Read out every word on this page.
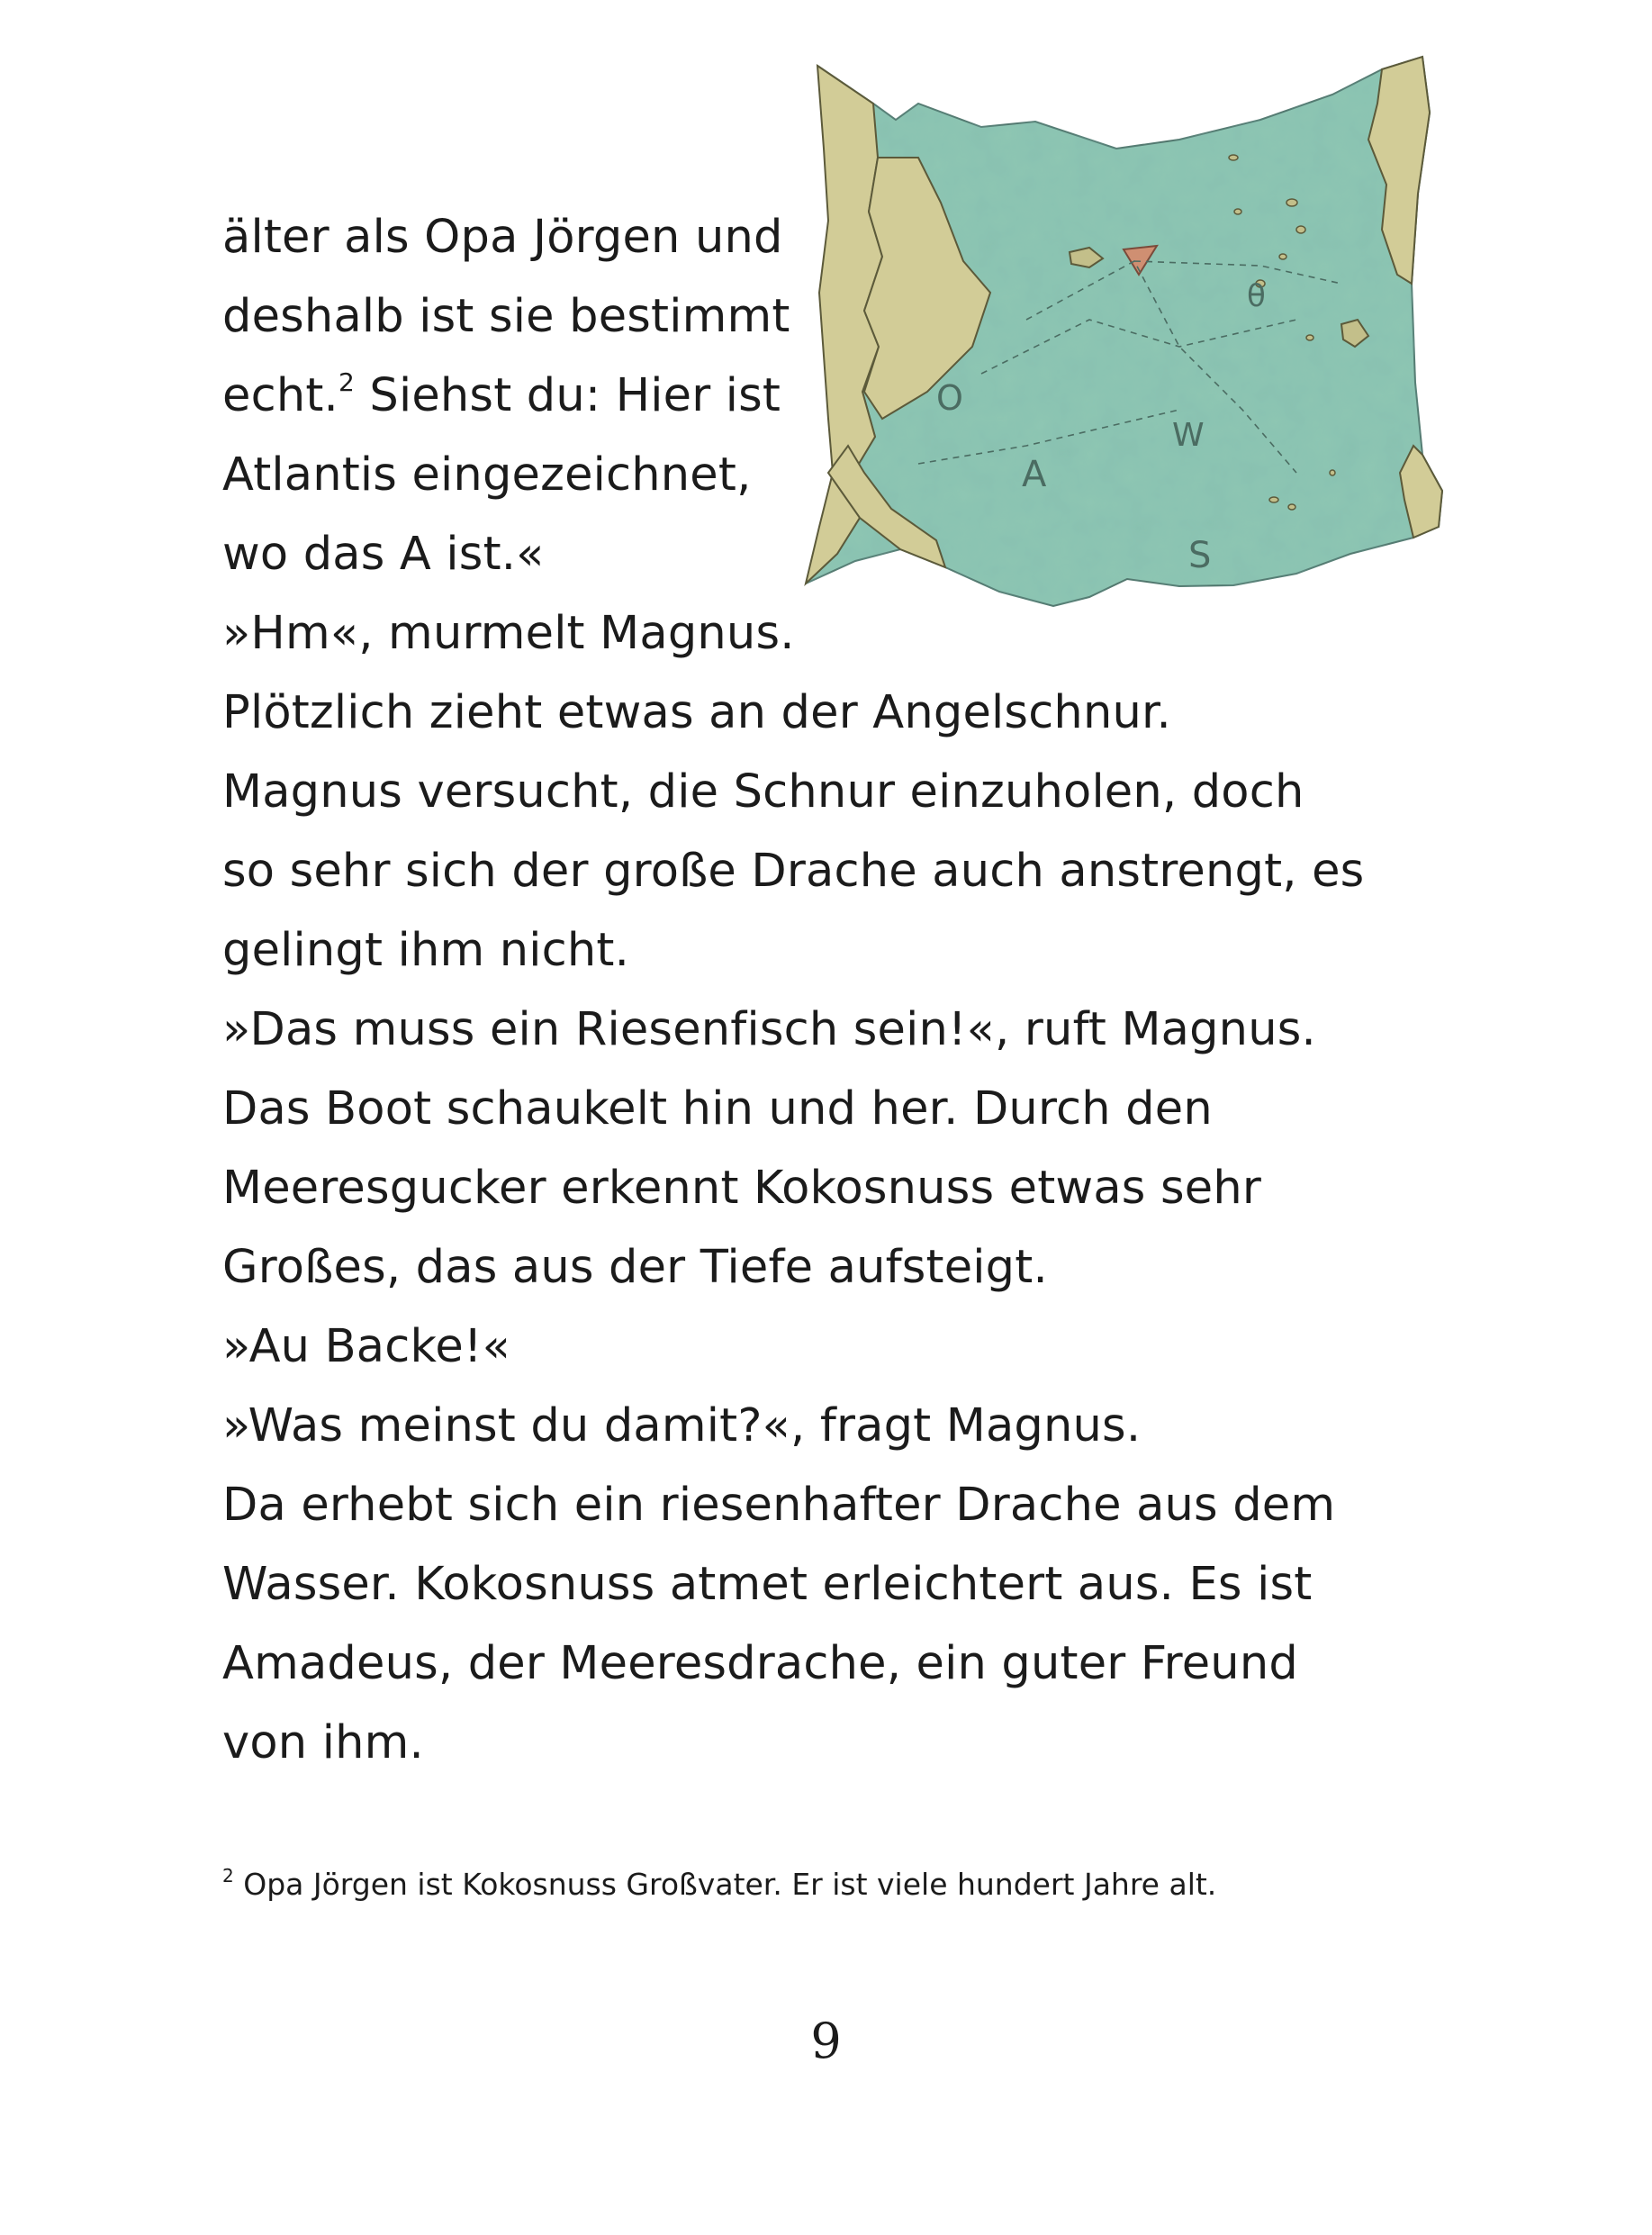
O
A
W
S
θ
älter als Opa Jörgen und
deshalb ist sie bestimmt
echt.$^2$ Siehst du: Hier ist
Atlantis eingezeichnet,
wo das A ist.«
»Hm«, murmelt Magnus.
Plötzlich zieht etwas an der Angelschnur.
Magnus versucht, die Schnur einzuholen, doch
so sehr sich der große Drache auch anstrengt, es
gelingt ihm nicht.
»Das muss ein Riesenfisch sein!«, ruft Magnus.
Das Boot schaukelt hin und her. Durch den
Meeresgucker erkennt Kokosnuss etwas sehr
Großes, das aus der Tiefe aufsteigt.
»Au Backe!«
»Was meinst du damit?«, fragt Magnus.
Da erhebt sich ein riesenhafter Drache aus dem
Wasser. Kokosnuss atmet erleichtert aus. Es ist
Amadeus, der Meeresdrache, ein guter Freund
von ihm.
$^2$ Opa Jörgen ist Kokosnuss Großvater. Er ist viele hundert Jahre alt.
9
